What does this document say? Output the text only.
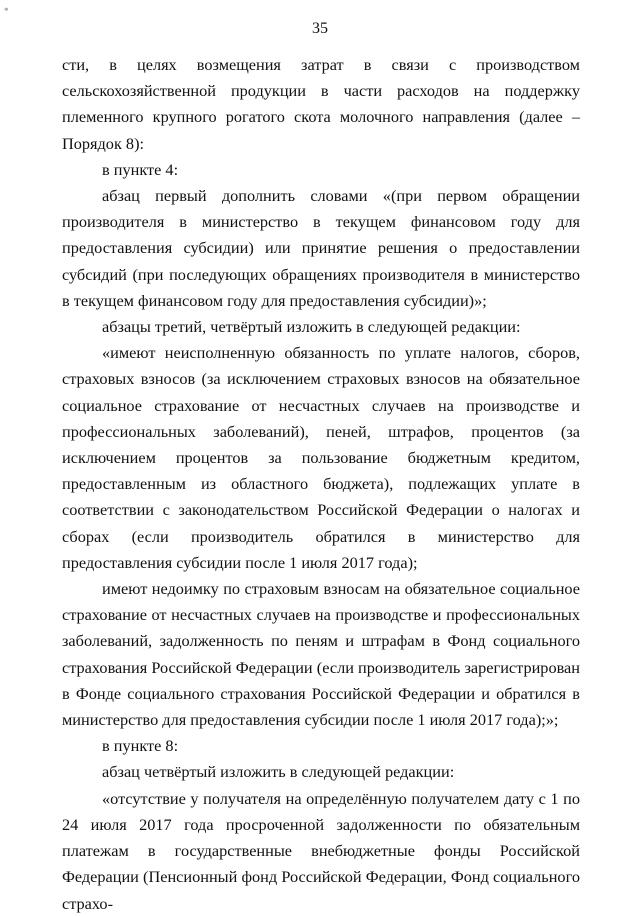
*
35

сти, в целях возмещения затрат в связи с производством сельскохозяйственной продукции в части расходов на поддержку племенного крупного рогатого скота молочного направления (далее – Порядок 8):

в пункте 4:

абзац первый дополнить словами «(при первом обращении производителя в министерство в текущем финансовом году для предоставления субсидии) или принятие решения о предоставлении субсидий (при последующих обращениях производителя в министерство в текущем финансовом году для предоставления субсидии)»;

абзацы третий, четвёртый изложить в следующей редакции:

«имеют неисполненную обязанность по уплате налогов, сборов, страховых взносов (за исключением страховых взносов на обязательное социальное страхование от несчастных случаев на производстве и профессиональных заболеваний), пеней, штрафов, процентов (за исключением процентов за пользование бюджетным кредитом, предоставленным из областного бюджета), подлежащих уплате в соответствии с законодательством Российской Федерации о налогах и сборах (если производитель обратился в министерство для предоставления субсидии после 1 июля 2017 года);

имеют недоимку по страховым взносам на обязательное социальное страхование от несчастных случаев на производстве и профессиональных заболеваний, задолженность по пеням и штрафам в Фонд социального страхования Российской Федерации (если производитель зарегистрирован в Фонде социального страхования Российской Федерации и обратился в министерство для предоставления субсидии после 1 июля 2017 года);»;

в пункте 8:

абзац четвёртый изложить в следующей редакции:

«отсутствие у получателя на определённую получателем дату с 1 по 24 июля 2017 года просроченной задолженности по обязательным платежам в государственные внебюджетные фонды Российской Федерации (Пенсионный фонд Российской Федерации, Фонд социального страхо-
